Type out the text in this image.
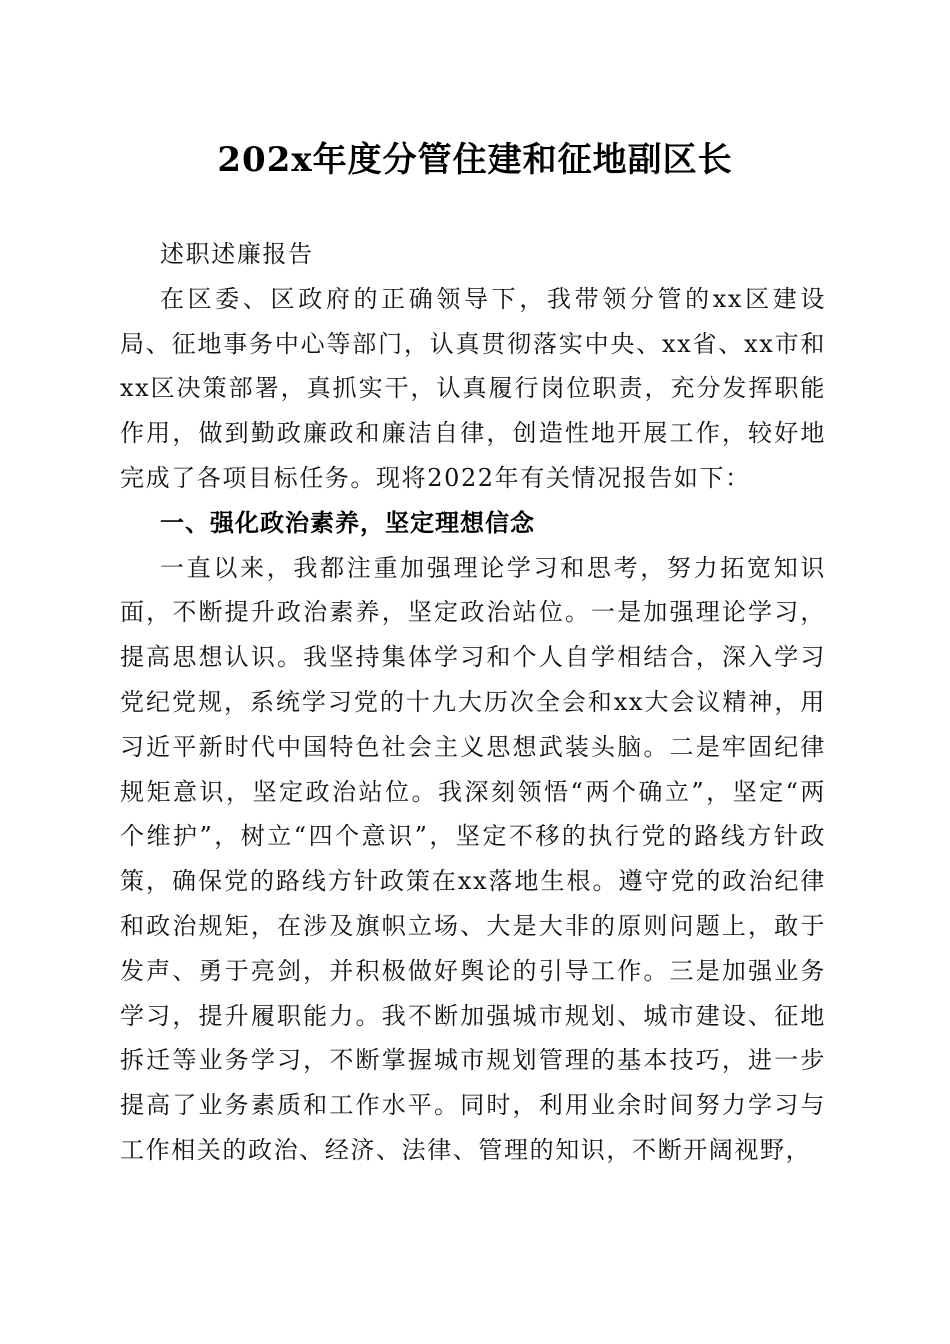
202x年度分管住建和征地副区长

述职述廉报告

在区委、区政府的正确领导下，我带领分管的xx区建设局、征地事务中心等部门，认真贯彻落实中央、xx省、xx市和xx区决策部署，真抓实干，认真履行岗位职责，充分发挥职能作用，做到勤政廉政和廉洁自律，创造性地开展工作，较好地完成了各项目标任务。现将2022年有关情况报告如下：

一、强化政治素养，坚定理想信念

一直以来，我都注重加强理论学习和思考，努力拓宽知识面，不断提升政治素养，坚定政治站位。一是加强理论学习，提高思想认识。我坚持集体学习和个人自学相结合，深入学习党纪党规，系统学习党的十九大历次全会和xx大会议精神，用习近平新时代中国特色社会主义思想武装头脑。二是牢固纪律规矩意识，坚定政治站位。我深刻领悟“两个确立”，坚定“两个维护”，树立“四个意识”，坚定不移的执行党的路线方针政策，确保党的路线方针政策在xx落地生根。遵守党的政治纪律和政治规矩，在涉及旗帜立场、大是大非的原则问题上，敢于发声、勇于亮剑，并积极做好舆论的引导工作。三是加强业务学习，提升履职能力。我不断加强城市规划、城市建设、征地拆迁等业务学习，不断掌握城市规划管理的基本技巧，进一步提高了业务素质和工作水平。同时，利用业余时间努力学习与工作相关的政治、经济、法律、管理的知识，不断开阔视野，
